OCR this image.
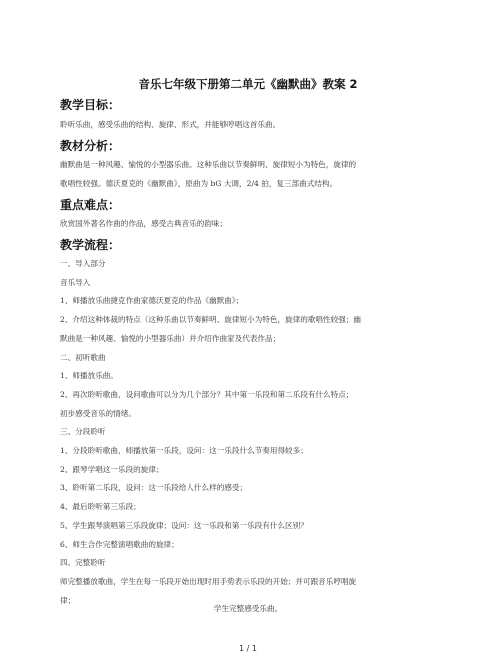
音乐七年级下册第二单元《幽默曲》教案 2
教学目标：
聆听乐曲，感受乐曲的结构、旋律、形式，并能够哼唱这首乐曲。
教材分析：
幽默曲是一种风趣、愉悦的小型器乐曲。这种乐曲以节奏鲜明、旋律短小为特色，旋律的
歌唱性较强。德沃夏克的《幽默曲》，原曲为 bG 大调，2/4 拍，复三部曲式结构。
重点难点：
欣赏国外著名作曲的作品，感受古典音乐的韵味；
教学流程：
一、导入部分
音乐导入
1、师播放乐曲捷克作曲家德沃夏克的作品《幽默曲》；
2、介绍这种体裁的特点（这种乐曲以节奏鲜明、旋律短小为特色，旋律的歌唱性较强；幽
默曲是一种风趣、愉悦的小型器乐曲）并介绍作曲家及代表作品；
二、初听歌曲
1、师播放乐曲。
2、再次聆听歌曲，设问歌曲可以分为几个部分？其中第一乐段和第二乐段有什么特点；
初步感受音乐的情绪。
三、分段聆听
1、分段聆听歌曲，师播放第一乐段，设问：这一乐段什么节奏用得较多；
2、跟琴学唱这一乐段的旋律；
3、聆听第二乐段，设问：这一乐段给人什么样的感受；
4、最后聆听第三乐段；
5、学生跟琴演唱第三乐段旋律；设问：这一乐段和第一乐段有什么区别？
6、师生合作完整演唱歌曲的旋律；
四、完整聆听
师完整播放歌曲，学生在每一乐段开始出现时用手势表示乐段的开始；并可跟音乐哼唱旋
律；
学生完整感受乐曲。
1 / 1
